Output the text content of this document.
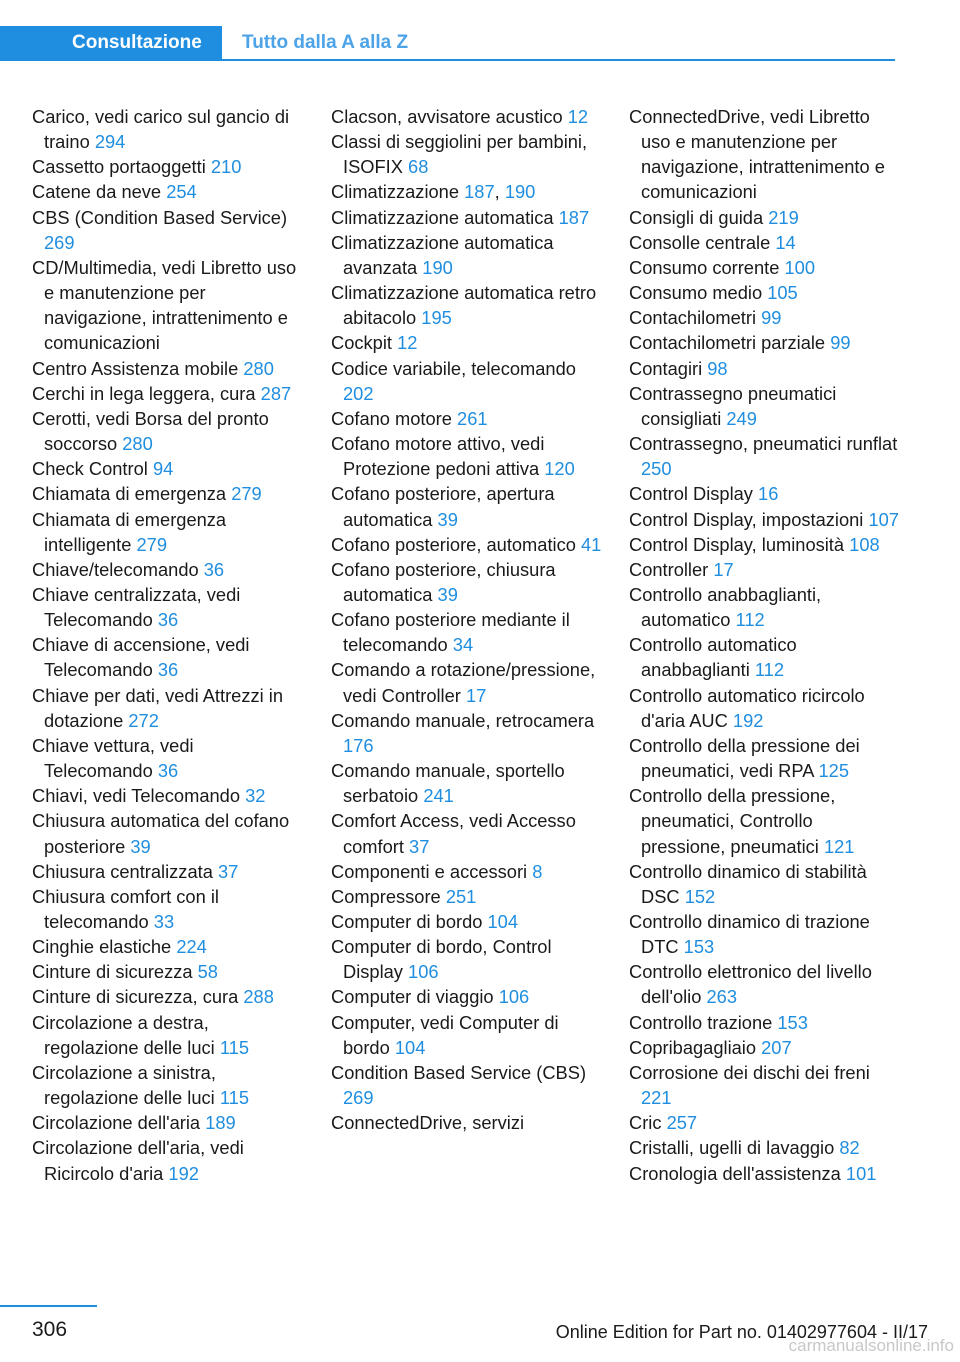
Consultazione	Tutto dalla A alla Z
Carico, vedi carico sul gancio di traino 294
Cassetto portaoggetti 210
Catene da neve 254
CBS (Condition Based Service) 269
CD/Multimedia, vedi Libretto uso e manutenzione per navigazione, intrattenimento e comunicazioni
Centro Assistenza mobile 280
Cerchi in lega leggera, cura 287
Cerotti, vedi Borsa del pronto soccorso 280
Check Control 94
Chiamata di emergenza 279
Chiamata di emergenza intelligente 279
Chiave/telecomando 36
Chiave centralizzata, vedi Telecomando 36
Chiave di accensione, vedi Telecomando 36
Chiave per dati, vedi Attrezzi in dotazione 272
Chiave vettura, vedi Telecomando 36
Chiavi, vedi Telecomando 32
Chiusura automatica del cofano posteriore 39
Chiusura centralizzata 37
Chiusura comfort con il telecomando 33
Cinghie elastiche 224
Cinture di sicurezza 58
Cinture di sicurezza, cura 288
Circolazione a destra, regolazione delle luci 115
Circolazione a sinistra, regolazione delle luci 115
Circolazione dell'aria 189
Circolazione dell'aria, vedi Ricircolo d'aria 192
Clacson, avvisatore acustico 12
Classi di seggiolini per bambini, ISOFIX 68
Climatizzazione 187, 190
Climatizzazione automatica 187
Climatizzazione automatica avanzata 190
Climatizzazione automatica retro abitacolo 195
Cockpit 12
Codice variabile, telecomando 202
Cofano motore 261
Cofano motore attivo, vedi Protezione pedoni attiva 120
Cofano posteriore, apertura automatica 39
Cofano posteriore, automatico 41
Cofano posteriore, chiusura automatica 39
Cofano posteriore mediante il telecomando 34
Comando a rotazione/pressione, vedi Controller 17
Comando manuale, retrocamera 176
Comando manuale, sportello serbatoio 241
Comfort Access, vedi Accesso comfort 37
Componenti e accessori 8
Compressore 251
Computer di bordo 104
Computer di bordo, Control Display 106
Computer di viaggio 106
Computer, vedi Computer di bordo 104
Condition Based Service (CBS) 269
ConnectedDrive, servizi
ConnectedDrive, vedi Libretto uso e manutenzione per navigazione, intrattenimento e comunicazioni
Consigli di guida 219
Consolle centrale 14
Consumo corrente 100
Consumo medio 105
Contachilometri 99
Contachilometri parziale 99
Contagiri 98
Contrassegno pneumatici consigliati 249
Contrassegno, pneumatici runflat 250
Control Display 16
Control Display, impostazioni 107
Control Display, luminosità 108
Controller 17
Controllo anabbaglianti, automatico 112
Controllo automatico anabbaglianti 112
Controllo automatico ricircolo d'aria AUC 192
Controllo della pressione dei pneumatici, vedi RPA 125
Controllo della pressione, pneumatici, Controllo pressione, pneumatici 121
Controllo dinamico di stabilità DSC 152
Controllo dinamico di trazione DTC 153
Controllo elettronico del livello dell'olio 263
Controllo trazione 153
Copribagagliaio 207
Corrosione dei dischi dei freni 221
Cric 257
Cristalli, ugelli di lavaggio 82
Cronologia dell'assistenza 101
306	Online Edition for Part no. 01402977604 - II/17
carmanualsonline.info
